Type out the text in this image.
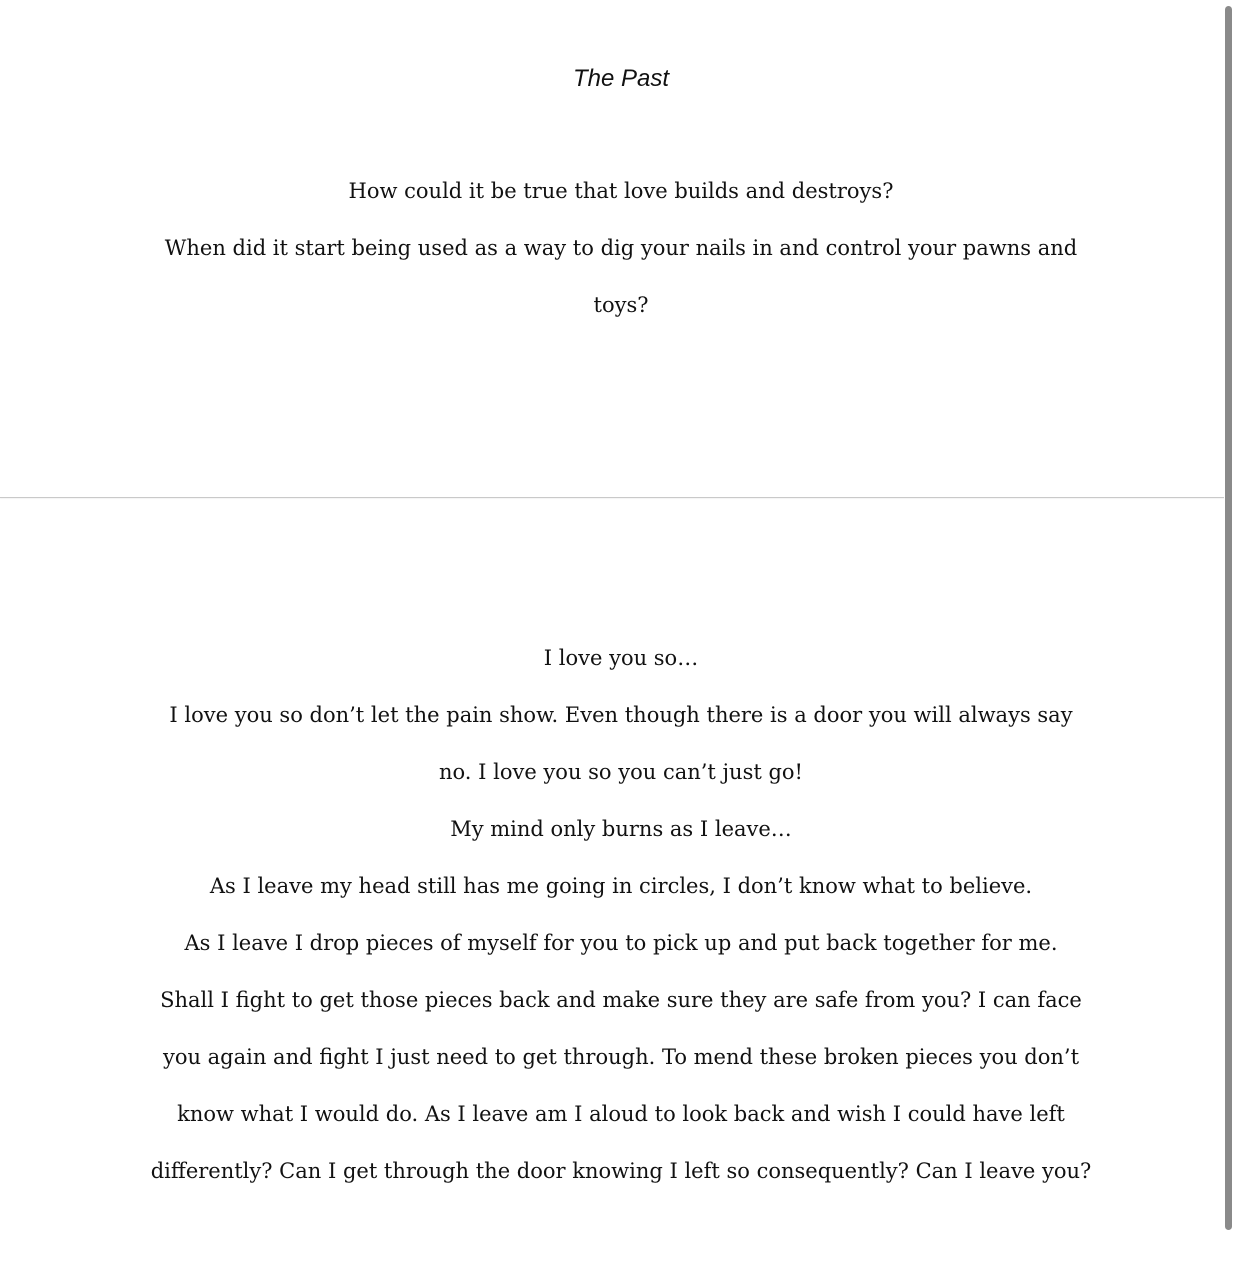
The Past

How could it be true that love builds and destroys?

When did it start being used as a way to dig your nails in and control your pawns and toys?

I love you so…

I love you so don’t let the pain show. Even though there is a door you will always say no. I love you so you can’t just go!

My mind only burns as I leave…

As I leave my head still has me going in circles, I don’t know what to believe.

As I leave I drop pieces of myself for you to pick up and put back together for me.

Shall I fight to get those pieces back and make sure they are safe from you? I can face you again and fight I just need to get through. To mend these broken pieces you don’t know what I would do. As I leave am I aloud to look back and wish I could have left differently? Can I get through the door knowing I left so consequently? Can I leave you?
